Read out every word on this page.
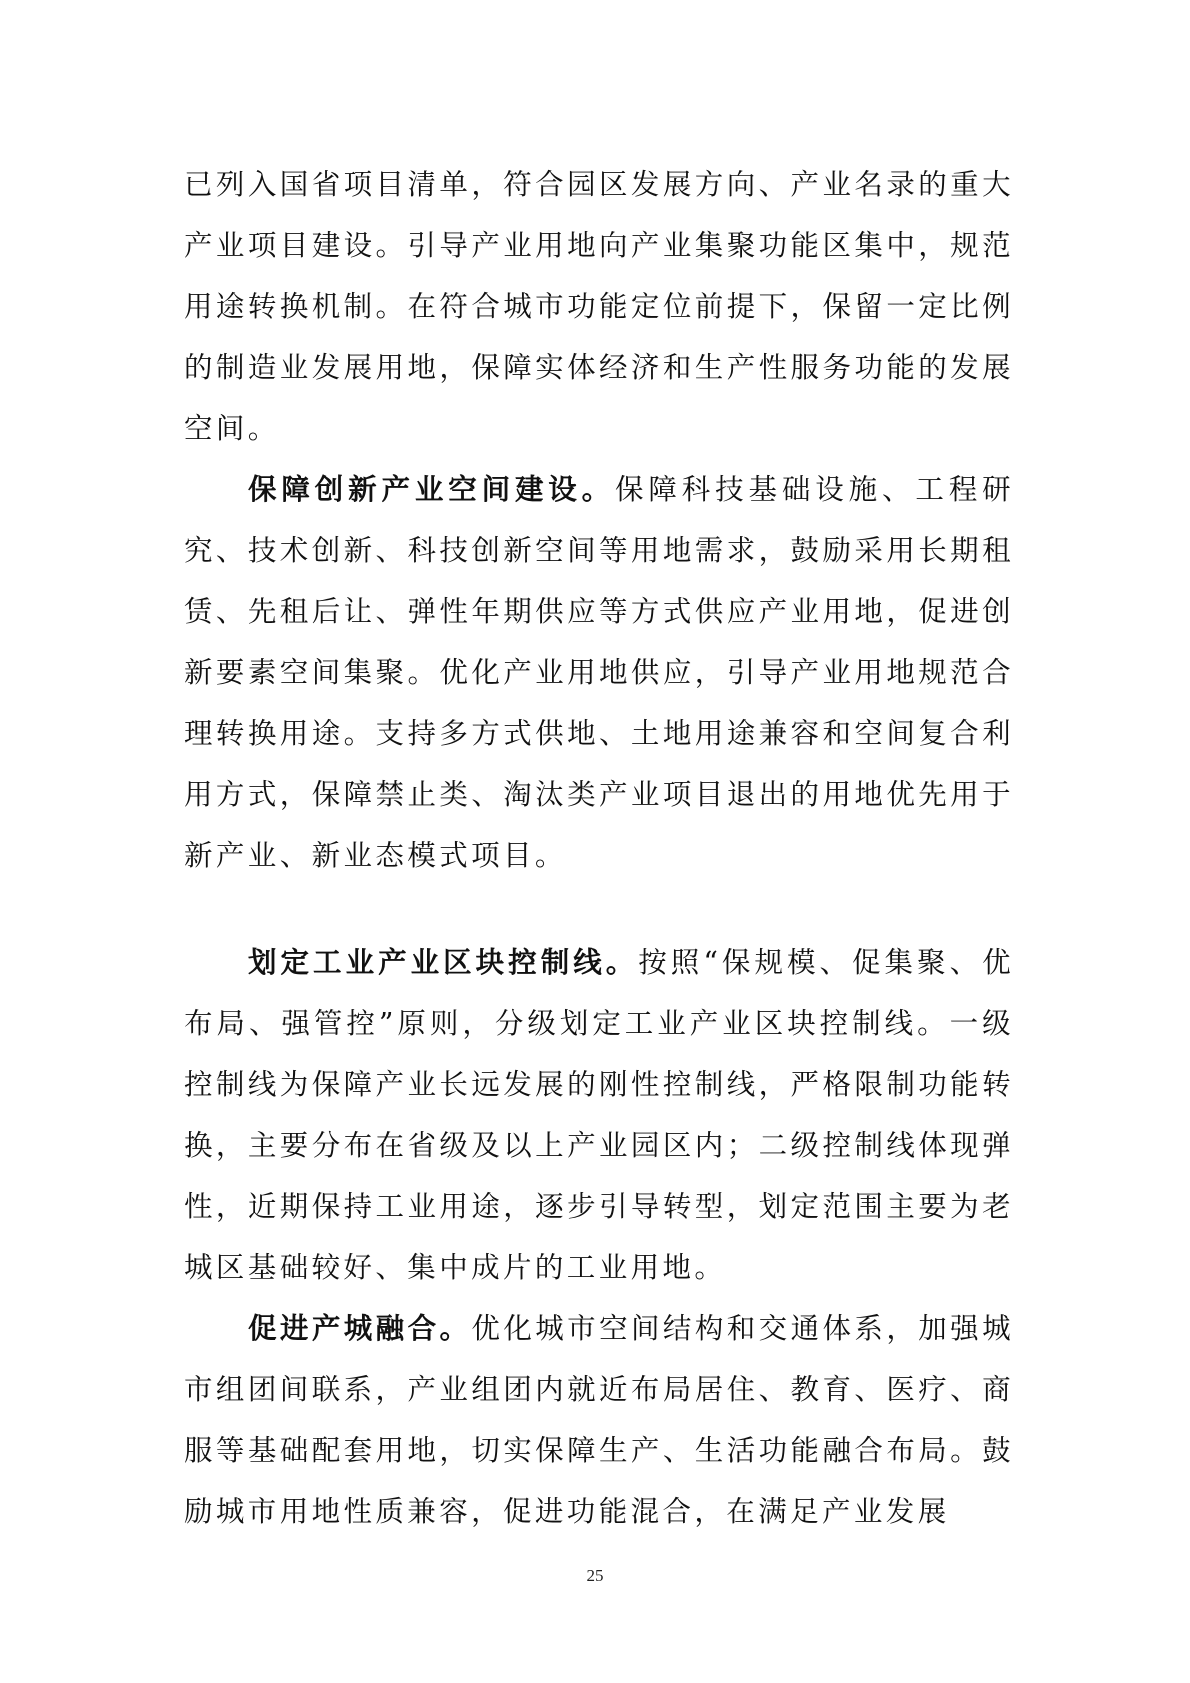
已列入国省项目清单，符合园区发展方向、产业名录的重大产业项目建设。引导产业用地向产业集聚功能区集中，规范用途转换机制。在符合城市功能定位前提下，保留一定比例的制造业发展用地，保障实体经济和生产性服务功能的发展空间。

保障创新产业空间建设。保障科技基础设施、工程研究、技术创新、科技创新空间等用地需求，鼓励采用长期租赁、先租后让、弹性年期供应等方式供应产业用地，促进创新要素空间集聚。优化产业用地供应，引导产业用地规范合理转换用途。支持多方式供地、土地用途兼容和空间复合利用方式，保障禁止类、淘汰类产业项目退出的用地优先用于新产业、新业态模式项目。

划定工业产业区块控制线。按照“保规模、促集聚、优布局、强管控”原则，分级划定工业产业区块控制线。一级控制线为保障产业长远发展的刚性控制线，严格限制功能转换，主要分布在省级及以上产业园区内；二级控制线体现弹性，近期保持工业用途，逐步引导转型，划定范围主要为老城区基础较好、集中成片的工业用地。

促进产城融合。优化城市空间结构和交通体系，加强城市组团间联系，产业组团内就近布局居住、教育、医疗、商服等基础配套用地，切实保障生产、生活功能融合布局。鼓励城市用地性质兼容，促进功能混合，在满足产业发展

25
